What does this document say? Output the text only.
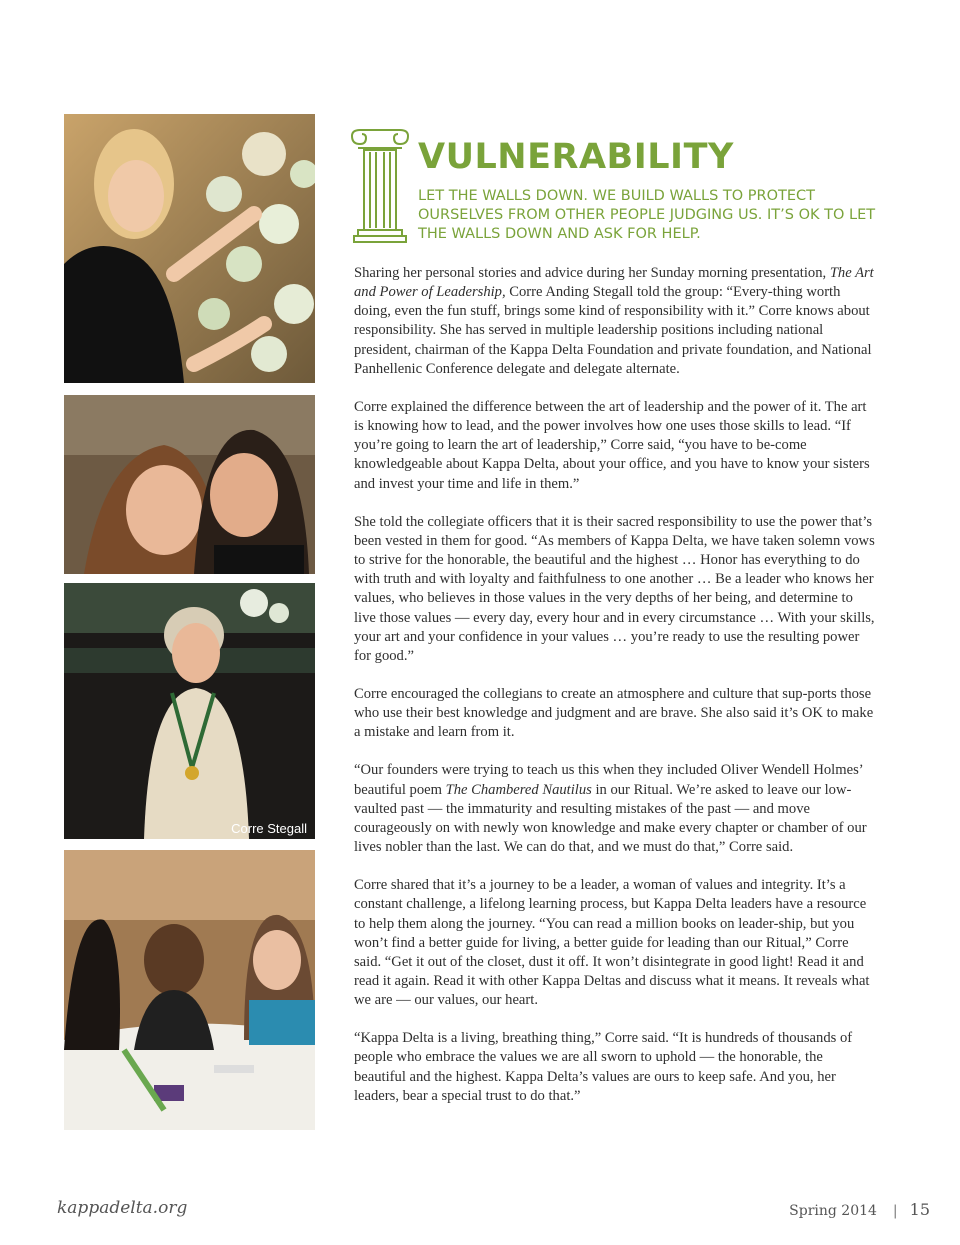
Corre Stegall
VULNERABILITY

LET THE WALLS DOWN. WE BUILD WALLS TO PROTECT OURSELVES FROM OTHER PEOPLE JUDGING US. IT’S OK TO LET THE WALLS DOWN AND ASK FOR HELP.

Sharing her personal stories and advice during her Sunday morning presentation, The Art and Power of Leadership, Corre Anding Stegall told the group: “Every-thing worth doing, even the fun stuff, brings some kind of responsibility with it.” Corre knows about responsibility. She has served in multiple leadership positions including national president, chairman of the Kappa Delta Foundation and private foundation, and National Panhellenic Conference delegate and delegate alternate.

Corre explained the difference between the art of leadership and the power of it. The art is knowing how to lead, and the power involves how one uses those skills to lead. “If you’re going to learn the art of leadership,” Corre said, “you have to be-come knowledgeable about Kappa Delta, about your office, and you have to know your sisters and invest your time and life in them.”

She told the collegiate officers that it is their sacred responsibility to use the power that’s been vested in them for good. “As members of Kappa Delta, we have taken solemn vows to strive for the honorable, the beautiful and the highest … Honor has everything to do with truth and with loyalty and faithfulness to one another … Be a leader who knows her values, who believes in those values in the very depths of her being, and determine to live those values — every day, every hour and in every circumstance … With your skills, your art and your confidence in your values … you’re ready to use the resulting power for good.”

Corre encouraged the collegians to create an atmosphere and culture that sup-ports those who use their best knowledge and judgment and are brave. She also said it’s OK to make a mistake and learn from it.

“Our founders were trying to teach us this when they included Oliver Wendell Holmes’ beautiful poem The Chambered Nautilus in our Ritual. We’re asked to leave our low-vaulted past — the immaturity and resulting mistakes of the past — and move courageously on with newly won knowledge and make every chapter or chamber of our lives nobler than the last. We can do that, and we must do that,” Corre said.

Corre shared that it’s a journey to be a leader, a woman of values and integrity. It’s a constant challenge, a lifelong learning process, but Kappa Delta leaders have a resource to help them along the journey. “You can read a million books on leader-ship, but you won’t find a better guide for living, a better guide for leading than our Ritual,” Corre said. “Get it out of the closet, dust it off. It won’t disintegrate in good light! Read it and read it again. Read it with other Kappa Deltas and discuss what it means. It reveals what we are — our values, our heart.

“Kappa Delta is a living, breathing thing,” Corre said. “It is hundreds of thousands of people who embrace the values we are all sworn to uphold — the honorable, the beautiful and the highest. Kappa Delta’s values are ours to keep safe. And you, her leaders, bear a special trust to do that.”

kappadelta.org	Spring 2014 | 15
